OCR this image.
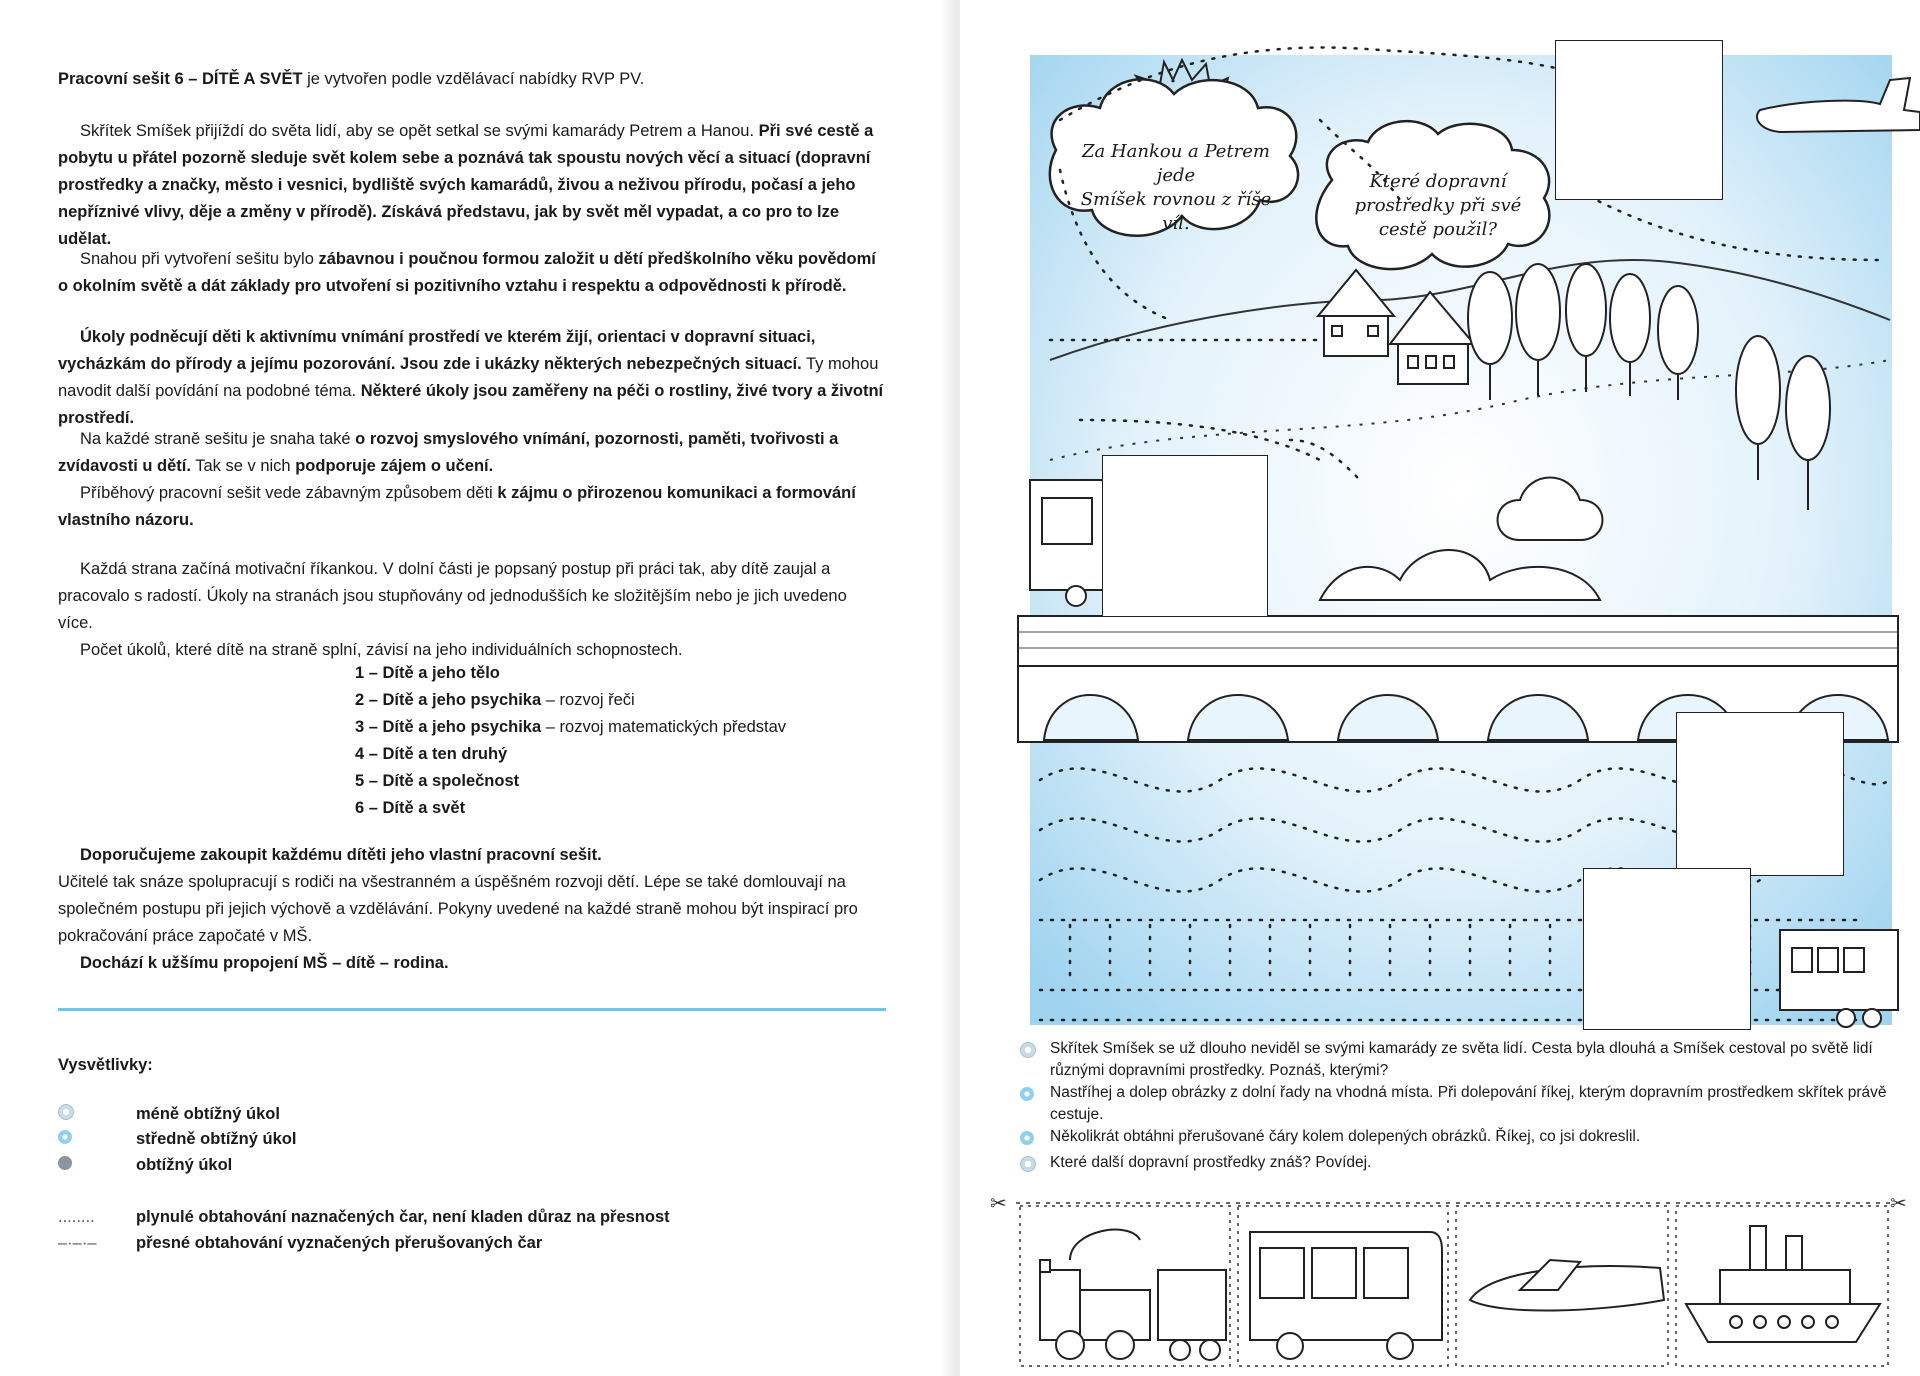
Pracovní sešit 6 – DÍTĚ A SVĚT je vytvořen podle vzdělávací nabídky RVP PV.

Skřítek Smíšek přijíždí do světa lidí, aby se opět setkal se svými kamarády Petrem a Hanou. Při své cestě a pobytu u přátel pozorně sleduje svět kolem sebe a poznává tak spoustu nových věcí a situací (dopravní prostředky a značky, město i vesnici, bydliště svých kamarádů, živou a neživou přírodu, počasí a jeho nepříznivé vlivy, děje a změny v přírodě). Získává představu, jak by svět měl vypadat, a co pro to lze udělat.

Snahou při vytvoření sešitu bylo zábavnou i poučnou formou založit u dětí předškolního věku povědomí o okolním světě a dát základy pro utvoření si pozitivního vztahu i respektu a odpovědnosti k přírodě.

Úkoly podněcují děti k aktivnímu vnímání prostředí ve kterém žijí, orientaci v dopravní situaci, vycházkám do přírody a jejímu pozorování. Jsou zde i ukázky některých nebezpečných situací. Ty mohou navodit další povídání na podobné téma. Některé úkoly jsou zaměřeny na péči o rostliny, živé tvory a životní prostředí.

Na každé straně sešitu je snaha také o rozvoj smyslového vnímání, pozornosti, paměti, tvořivosti a zvídavosti u dětí. Tak se v nich podporuje zájem o učení.

Příběhový pracovní sešit vede zábavným způsobem děti k zájmu o přirozenou komunikaci a formování vlastního názoru.

Každá strana začíná motivační říkankou. V dolní části je popsaný postup při práci tak, aby dítě zaujal a pracovalo s radostí. Úkoly na stranách jsou stupňovány od jednodušších ke složitějším nebo je jich uvedeno více.

Počet úkolů, které dítě na straně splní, závisí na jeho individuálních schopnostech.

1 – Dítě a jeho tělo
2 – Dítě a jeho psychika – rozvoj řeči
3 – Dítě a jeho psychika – rozvoj matematických představ
4 – Dítě a ten druhý
5 – Dítě a společnost
6 – Dítě a svět

Doporučujeme zakoupit každému dítěti jeho vlastní pracovní sešit.

Učitelé tak snáze spolupracují s rodiči na všestranném a úspěšném rozvoji dětí. Lépe se také domlouvají na společném postupu při jejich výchově a vzdělávání. Pokyny uvedené na každé straně mohou být inspirací pro pokračování práce započaté v MŠ.

Dochází k užšímu propojení MŠ – dítě – rodina.

Vysvětlivky:
méně obtížný úkol
středně obtížný úkol
obtížný úkol
........	plynulé obtahování naznačených čar, není kladen důraz na přesnost
–·–·–	přesné obtahování vyznačených přerušovaných čar
✂	✂
Za Hankou a Petrem jede
Smíšek rovnou z říše víl.
Které dopravní
prostředky při své
cestě použil?
Skřítek Smíšek se už dlouho neviděl se svými kamarády ze světa lidí. Cesta byla dlouhá a Smíšek cestoval po světě lidí různými dopravními prostředky. Poznáš, kterými?
Nastříhej a dolep obrázky z dolní řady na vhodná místa. Při dolepování říkej, kterým dopravním prostředkem skřítek právě cestuje.
Několikrát obtáhni přerušované čáry kolem dolepených obrázků. Říkej, co jsi dokreslil.
Které další dopravní prostředky znáš? Povídej.
